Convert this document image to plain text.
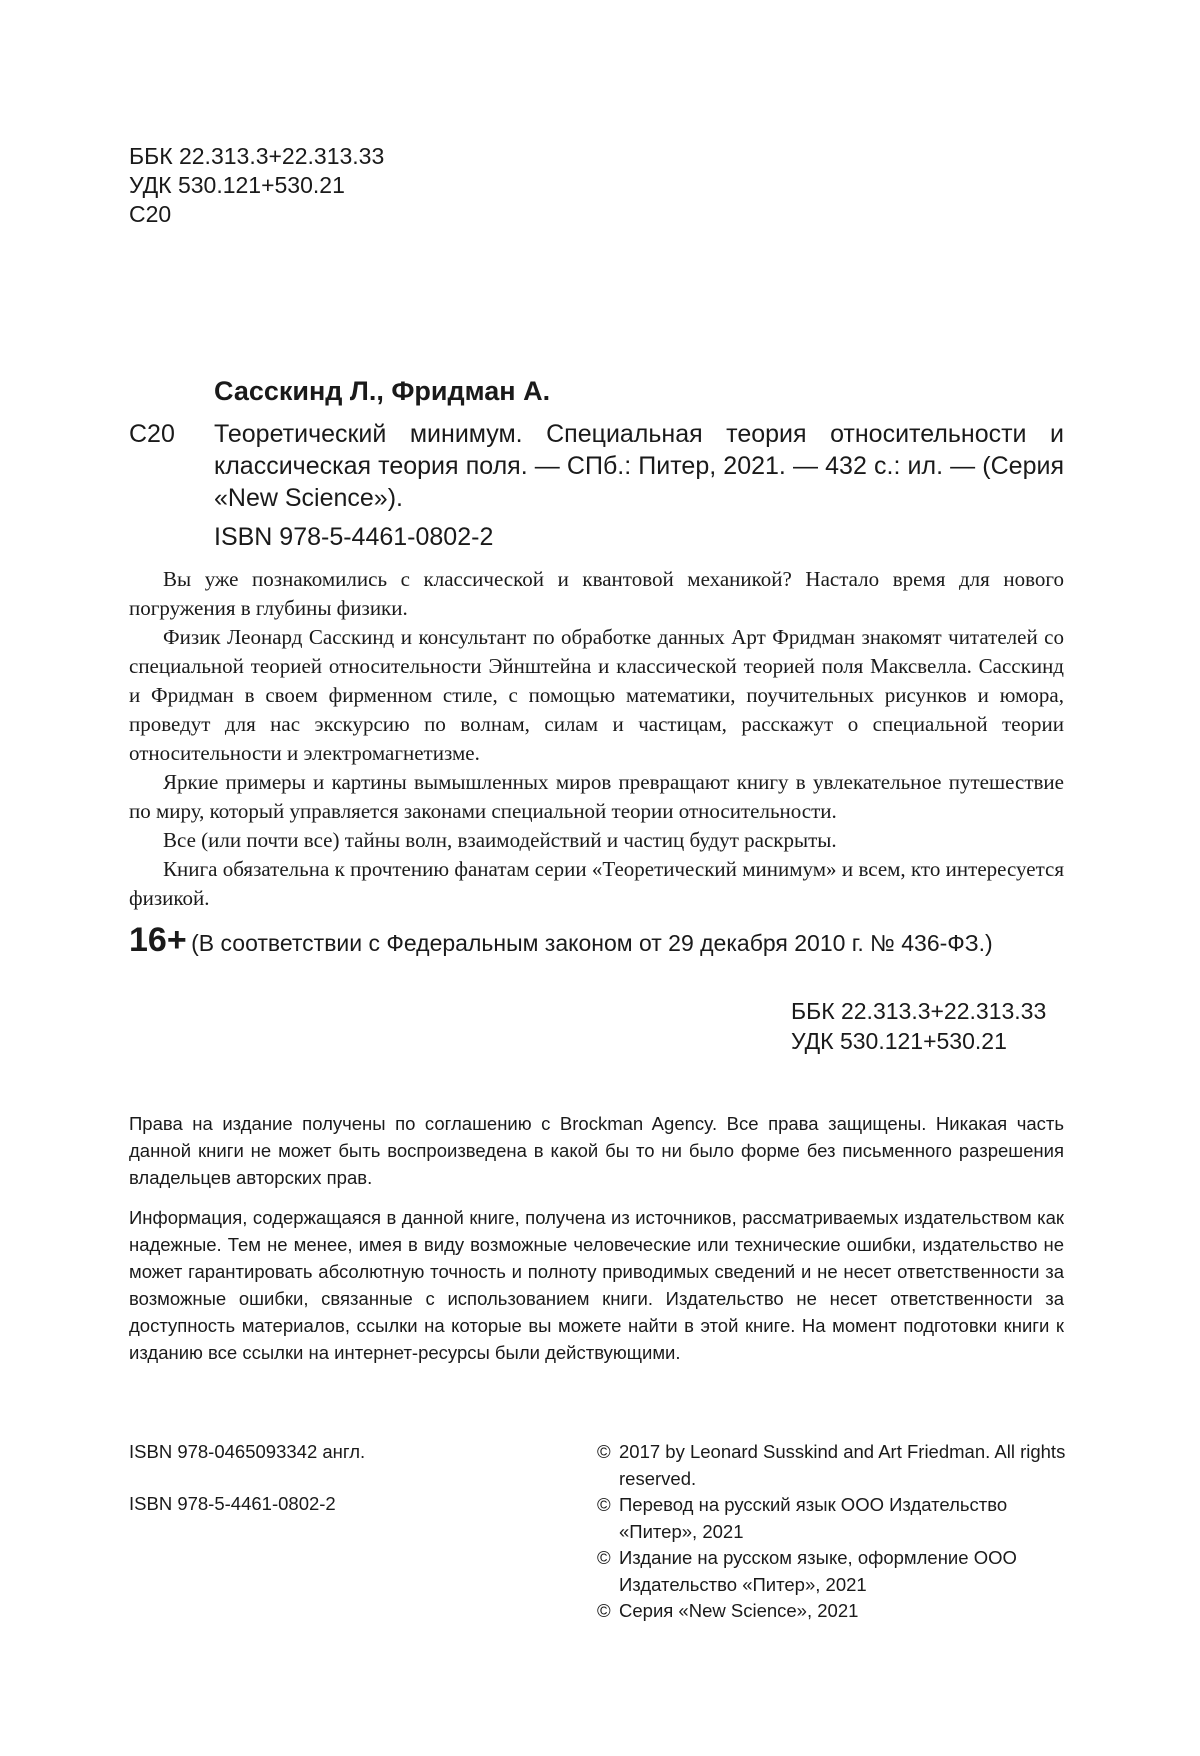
ББК 22.313.3+22.313.33
УДК 530.121+530.21
С20
Сасскинд Л., Фридман А.
С20 Теоретический минимум. Специальная теория относительности и классическая теория поля. — СПб.: Питер, 2021. — 432 с.: ил. — (Серия «New Science»).
ISBN 978-5-4461-0802-2

Вы уже познакомились с классической и квантовой механикой? Настало время для нового погружения в глубины физики.

Физик Леонард Сасскинд и консультант по обработке данных Арт Фридман знакомят читателей со специальной теорией относительности Эйнштейна и классической теорией поля Максвелла. Сасскинд и Фридман в своем фирменном стиле, с помощью математики, поучительных рисунков и юмора, проведут для нас экскурсию по волнам, силам и частицам, расскажут о специальной теории относительности и электромагнетизме.

Яркие примеры и картины вымышленных миров превращают книгу в увлекательное путешествие по миру, который управляется законами специальной теории относительности.

Все (или почти все) тайны волн, взаимодействий и частиц будут раскрыты.

Книга обязательна к прочтению фанатам серии «Теоретический минимум» и всем, кто интересуется физикой.

16+ (В соответствии с Федеральным законом от 29 декабря 2010 г. № 436-ФЗ.)
ББК 22.313.3+22.313.33
УДК 530.121+530.21
Права на издание получены по соглашению с Brockman Agency. Все права защищены. Никакая часть данной книги не может быть воспроизведена в какой бы то ни было форме без письменного разрешения владельцев авторских прав.
Информация, содержащаяся в данной книге, получена из источников, рассматриваемых издательством как надежные. Тем не менее, имея в виду возможные человеческие или технические ошибки, издательство не может гарантировать абсолютную точность и полноту приводимых сведений и не несет ответственности за возможные ошибки, связанные с использованием книги. Издательство не несет ответственности за доступность материалов, ссылки на которые вы можете найти в этой книге. На момент подготовки книги к изданию все ссылки на интернет-ресурсы были действующими.
ISBN 978-0465093342 англ.
ISBN 978-5-4461-0802-2
© 2017 by Leonard Susskind and Art Friedman. All rights reserved.
© Перевод на русский язык ООО Издательство «Питер», 2021
© Издание на русском языке, оформление ООО Издательство «Питер», 2021
© Серия «New Science», 2021
